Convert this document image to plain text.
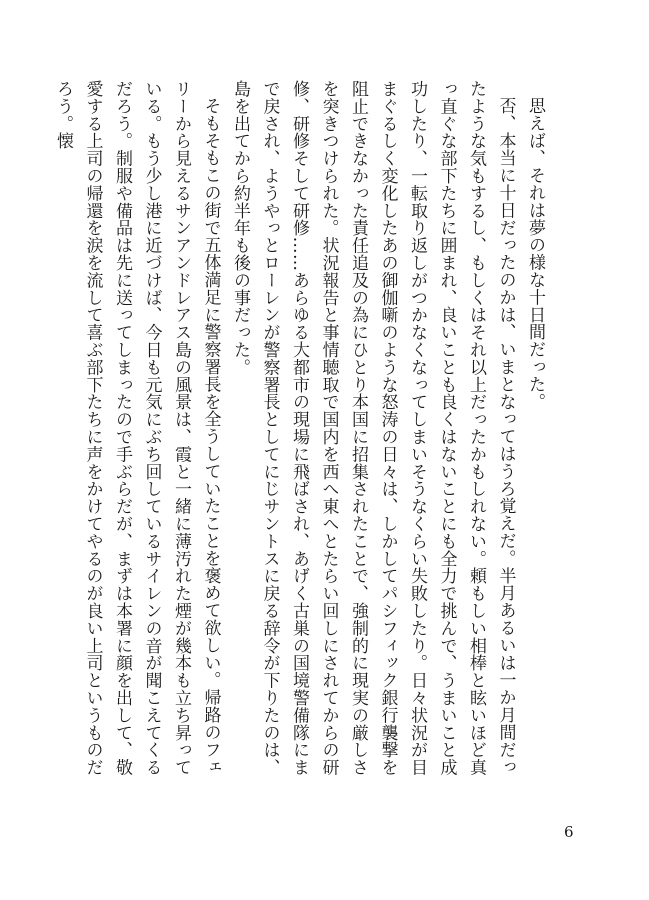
思えば、それは夢の様な十日間だった。

否、本当に十日だったのかは、いまとなってはうろ覚えだ。半月あるいは一か月間だったような気もするし、もしくはそれ以上だったかもしれない。頼もしい相棒と眩いほど真っ直ぐな部下たちに囲まれ、良いことも良くはないことにも全力で挑んで、うまいこと成功したり、一転取り返しがつかなくなってしまいそうなくらい失敗したり。日々状況が目まぐるしく変化したあの御伽噺のような怒涛の日々は、しかしてパシフィック銀行襲撃を阻止できなかった責任追及の為にひとり本国に招集されたことで、強制的に現実の厳しさを突きつけられた。状況報告と事情聴取で国内を西へ東へとたらい回しにされてからの研修、研修そして研修……あらゆる大都市の現場に飛ばされ、あげく古巣の国境警備隊にまで戻され、ようやっとローレンが警察署長としてにじサントスに戻る辞令が下りたのは、島を出てから約半年も後の事だった。

そもそもこの街で五体満足に警察署長を全うしていたことを褒めて欲しい。帰路のフェリーから見えるサンアンドレアス島の風景は、霞と一緒に薄汚れた煙が幾本も立ち昇っている。もう少し港に近づけば、今日も元気にぶち回しているサイレンの音が聞こえてくるだろう。制服や備品は先に送ってしまったので手ぶらだが、まずは本署に顔を出して、敬愛する上司の帰還を涙を流して喜ぶ部下たちに声をかけてやるのが良い上司というものだろう。懐

6
